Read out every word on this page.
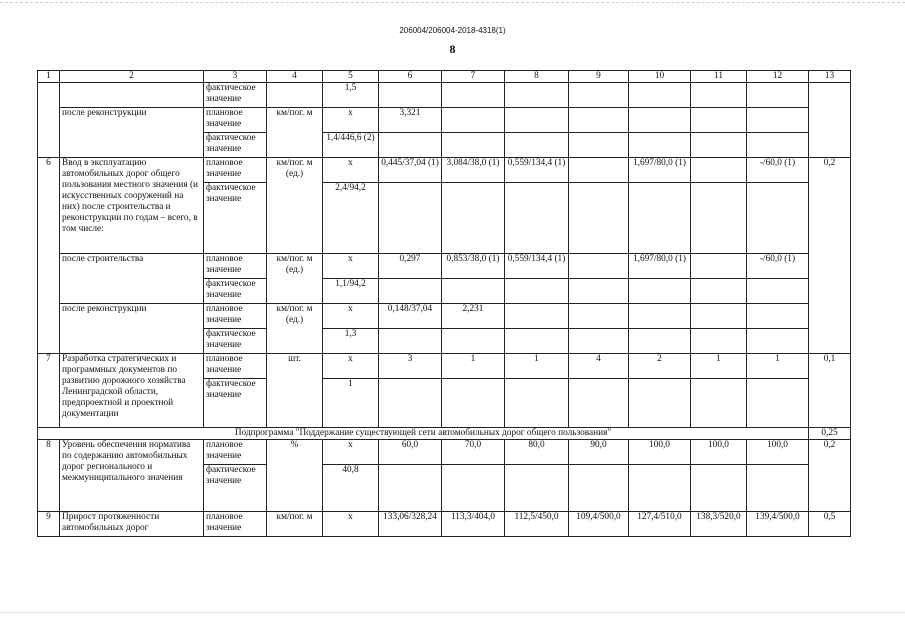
206004/206004-2018-4318(1)
8
1	2	3	4	5	6	7	8	9	10	11	12	13
		фактическое значение		1,5								
	после реконструкции	плановое значение	км/пог. м	х	3,321							
		фактическое значение		1,4/446,6 (2)								
6	Ввод в эксплуатацию автомобильных дорог общего пользования местного значения (и искусственных сооружений на них) после строительства и реконструкции по годам – всего, в том числе:	плановое значение	км/пог. м (ед.)	х	0,445/37,04 (1)	3,084/38,0 (1)	0,559/134,4 (1)		1,697/80,0 (1)		-/60,0 (1)	0,2
		фактическое значение		2,4/94,2								
	после строительства	плановое значение	км/пог. м (ед.)	х	0,297	0,853/38,0 (1)	0,559/134,4 (1)		1,697/80,0 (1)		-/60,0 (1)	
		фактическое значение		1,1/94,2								
	после реконструкции	плановое значение	км/пог. м (ед.)	х	0,148/37,04	2,231						
		фактическое значение		1,3								
7	Разработка стратегических и программных документов по развитию дорожного хозяйства Ленинградской области, предпроектной и проектной документации	плановое значение	шт.	х	3	1	1	4	2	1	1	0,1
		фактическое значение		1								
Подпрограмма "Поддержание существующей сети автомобильных дорог общего пользования"												0,25
8	Уровень обеспечения норматива по содержанию автомобильных дорог регионального и межмуниципального значения	плановое значение	%	х	60,0	70,0	80,0	90,0	100,0	100,0	100,0	0,2
		фактическое значение		40,8								
9	Прирост протяженности автомобильных дорог	плановое значение	км/пог. м	х	133,06/328,24	113,3/404,0	112,5/450,0	109,4/500,0	127,4/510,0	138,3/520,0	139,4/500,0	0,5
